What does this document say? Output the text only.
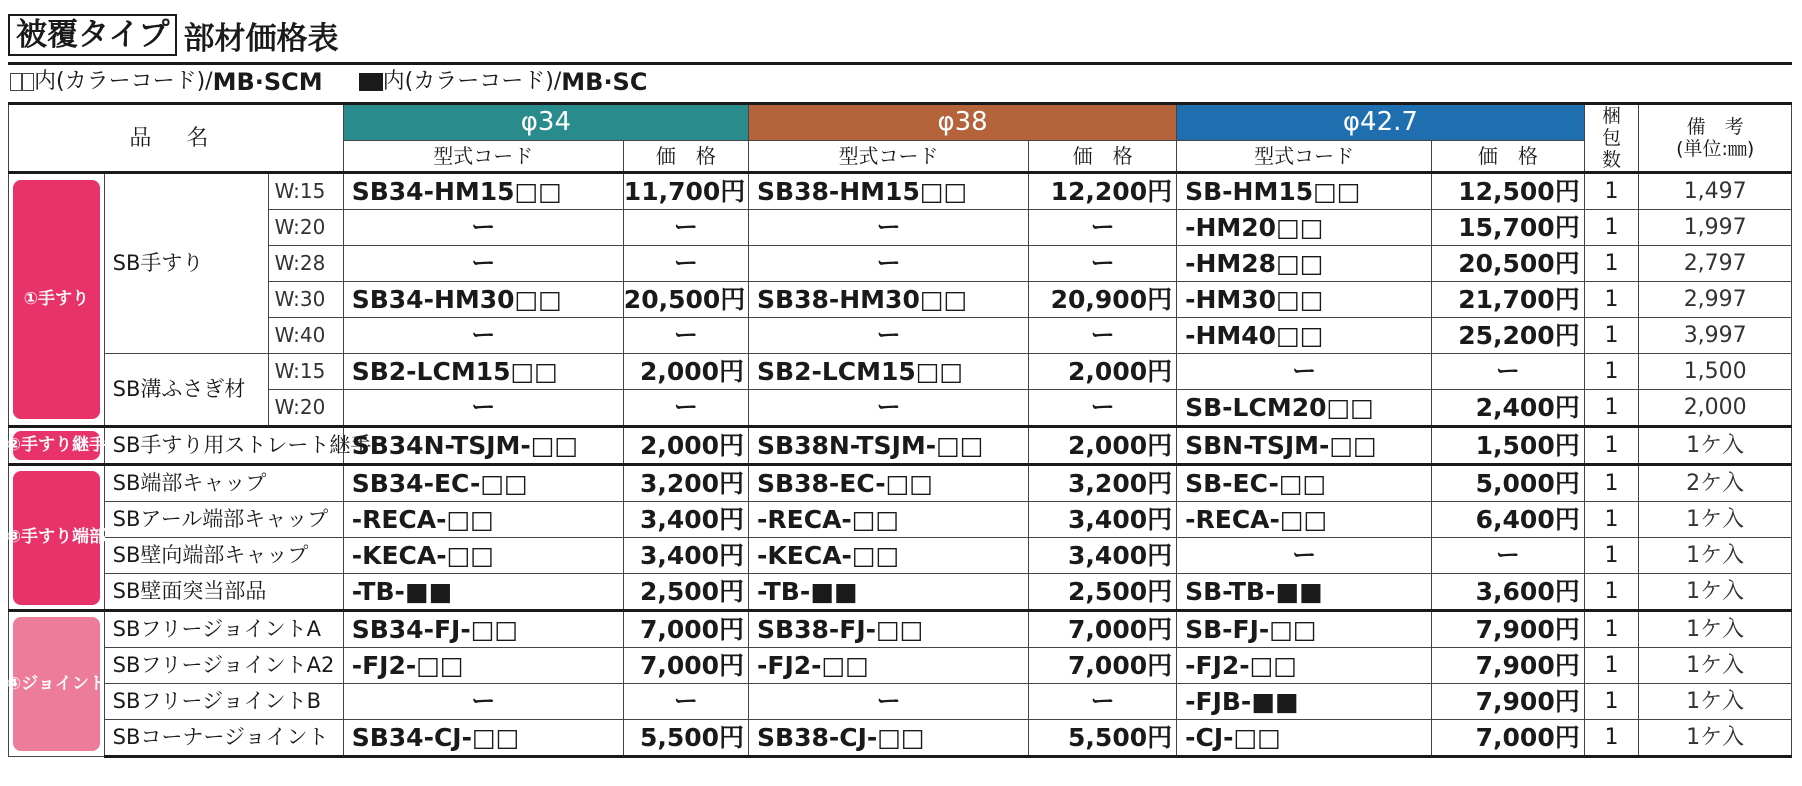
被覆タイプ 部材価格表
内(カラーコード)/ MB·SCM	内(カラーコード)/ MB·SC
品 名			φ34		φ38		φ42.7		梱包数	備　考
(単位:㎜)

			型式コード	価　格	型式コード	価　格	型式コード	価　格		

①手すり	SB手すり	W:15	SB34-HM15□□	11,700円	SB38-HM15□□	12,200円	SB-HM15□□	12,500円	1	1,497
		W:20	ー	ー	ー	ー	-HM20□□	15,700円	1	1,997
		W:28	ー	ー	ー	ー	-HM28□□	20,500円	1	2,797
		W:30	SB34-HM30□□	20,500円	SB38-HM30□□	20,900円	-HM30□□	21,700円	1	2,997
		W:40	ー	ー	ー	ー	-HM40□□	25,200円	1	3,997
	SB溝ふさぎ材	W:15	SB2-LCM15□□	2,000円	SB2-LCM15□□	2,000円	ー	ー	1	1,500
		W:20	ー	ー	ー	ー	SB-LCM20□□	2,400円	1	2,000

②手すり継手	SB手すり用ストレート継手		SB34N-TSJM-□□	2,000円	SB38N-TSJM-□□	2,000円	SBN-TSJM-□□	1,500円	1	1ケ入

③手すり端部	SB端部キャップ		SB34-EC-□□	3,200円	SB38-EC-□□	3,200円	SB-EC-□□	5,000円	1	2ケ入
	SBアール端部キャップ		-RECA-□□	3,400円	-RECA-□□	3,400円	-RECA-□□	6,400円	1	1ケ入
	SB壁向端部キャップ		-KECA-□□	3,400円	-KECA-□□	3,400円	ー	ー	1	1ケ入
	SB壁面突当部品		-TB-■■	2,500円	-TB-■■	2,500円	SB-TB-■■	3,600円	1	1ケ入

④ジョイント	SBフリージョイントA		SB34-FJ-□□	7,000円	SB38-FJ-□□	7,000円	SB-FJ-□□	7,900円	1	1ケ入
	SBフリージョイントA2		-FJ2-□□	7,000円	-FJ2-□□	7,000円	-FJ2-□□	7,900円	1	1ケ入
	SBフリージョイントB		ー	ー	ー	ー	-FJB-■■	7,900円	1	1ケ入
	SBコーナージョイント		SB34-CJ-□□	5,500円	SB38-CJ-□□	5,500円	-CJ-□□	7,000円	1	1ケ入
